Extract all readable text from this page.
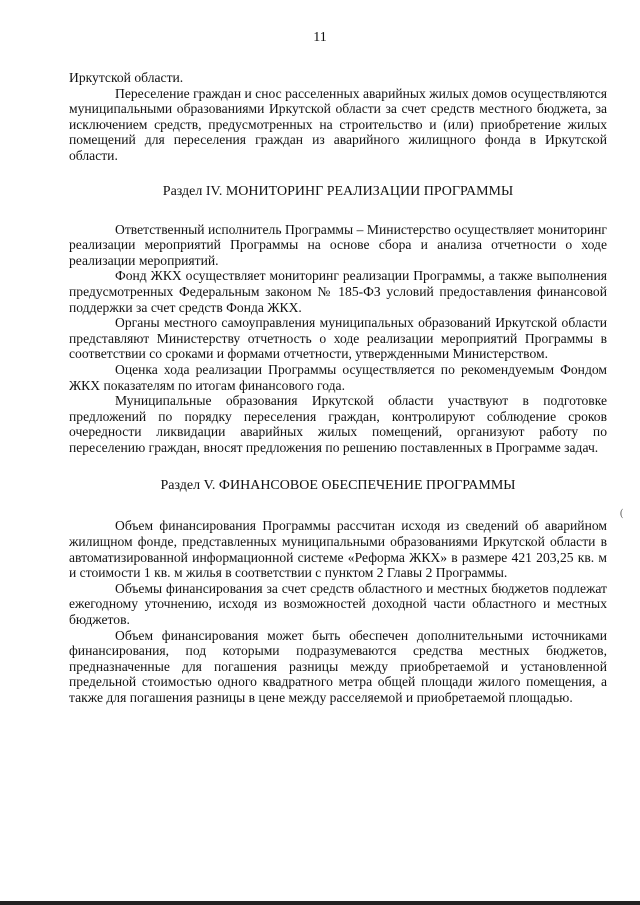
11

Иркутской области.

Переселение граждан и снос расселенных аварийных жилых домов осуществляются муниципальными образованиями Иркутской области за счет средств местного бюджета, за исключением средств, предусмотренных на строительство и (или) приобретение жилых помещений для переселения граждан из аварийного жилищного фонда в Иркутской области.

Раздел IV. МОНИТОРИНГ РЕАЛИЗАЦИИ ПРОГРАММЫ

Ответственный исполнитель Программы – Министерство осуществляет мониторинг реализации мероприятий Программы на основе сбора и анализа отчетности о ходе реализации мероприятий.

Фонд ЖКХ осуществляет мониторинг реализации Программы, а также выполнения предусмотренных Федеральным законом № 185-ФЗ условий предоставления финансовой поддержки за счет средств Фонда ЖКХ.

Органы местного самоуправления муниципальных образований Иркутской области представляют Министерству отчетность о ходе реализации мероприятий Программы в соответствии со сроками и формами отчетности, утвержденными Министерством.

Оценка хода реализации Программы осуществляется по рекомендуемым Фондом ЖКХ показателям по итогам финансового года.

Муниципальные образования Иркутской области участвуют в подготовке предложений по порядку переселения граждан, контролируют соблюдение сроков очередности ликвидации аварийных жилых помещений, организуют работу по переселению граждан, вносят предложения по решению поставленных в Программе задач.

Раздел V. ФИНАНСОВОЕ ОБЕСПЕЧЕНИЕ ПРОГРАММЫ

Объем финансирования Программы рассчитан исходя из сведений об аварийном жилищном фонде, представленных муниципальными образованиями Иркутской области в автоматизированной информационной системе «Реформа ЖКХ» в размере 421 203,25 кв. м и стоимости 1 кв. м жилья в соответствии с пунктом 2 Главы 2 Программы.

Объемы финансирования за счет средств областного и местных бюджетов подлежат ежегодному уточнению, исходя из возможностей доходной части областного и местных бюджетов.

Объем финансирования может быть обеспечен дополнительными источниками финансирования, под которыми подразумеваются средства местных бюджетов, предназначенные для погашения разницы между приобретаемой и установленной предельной стоимостью одного квадратного метра общей площади жилого помещения, а также для погашения разницы в цене между расселяемой и приобретаемой площадью.

(
